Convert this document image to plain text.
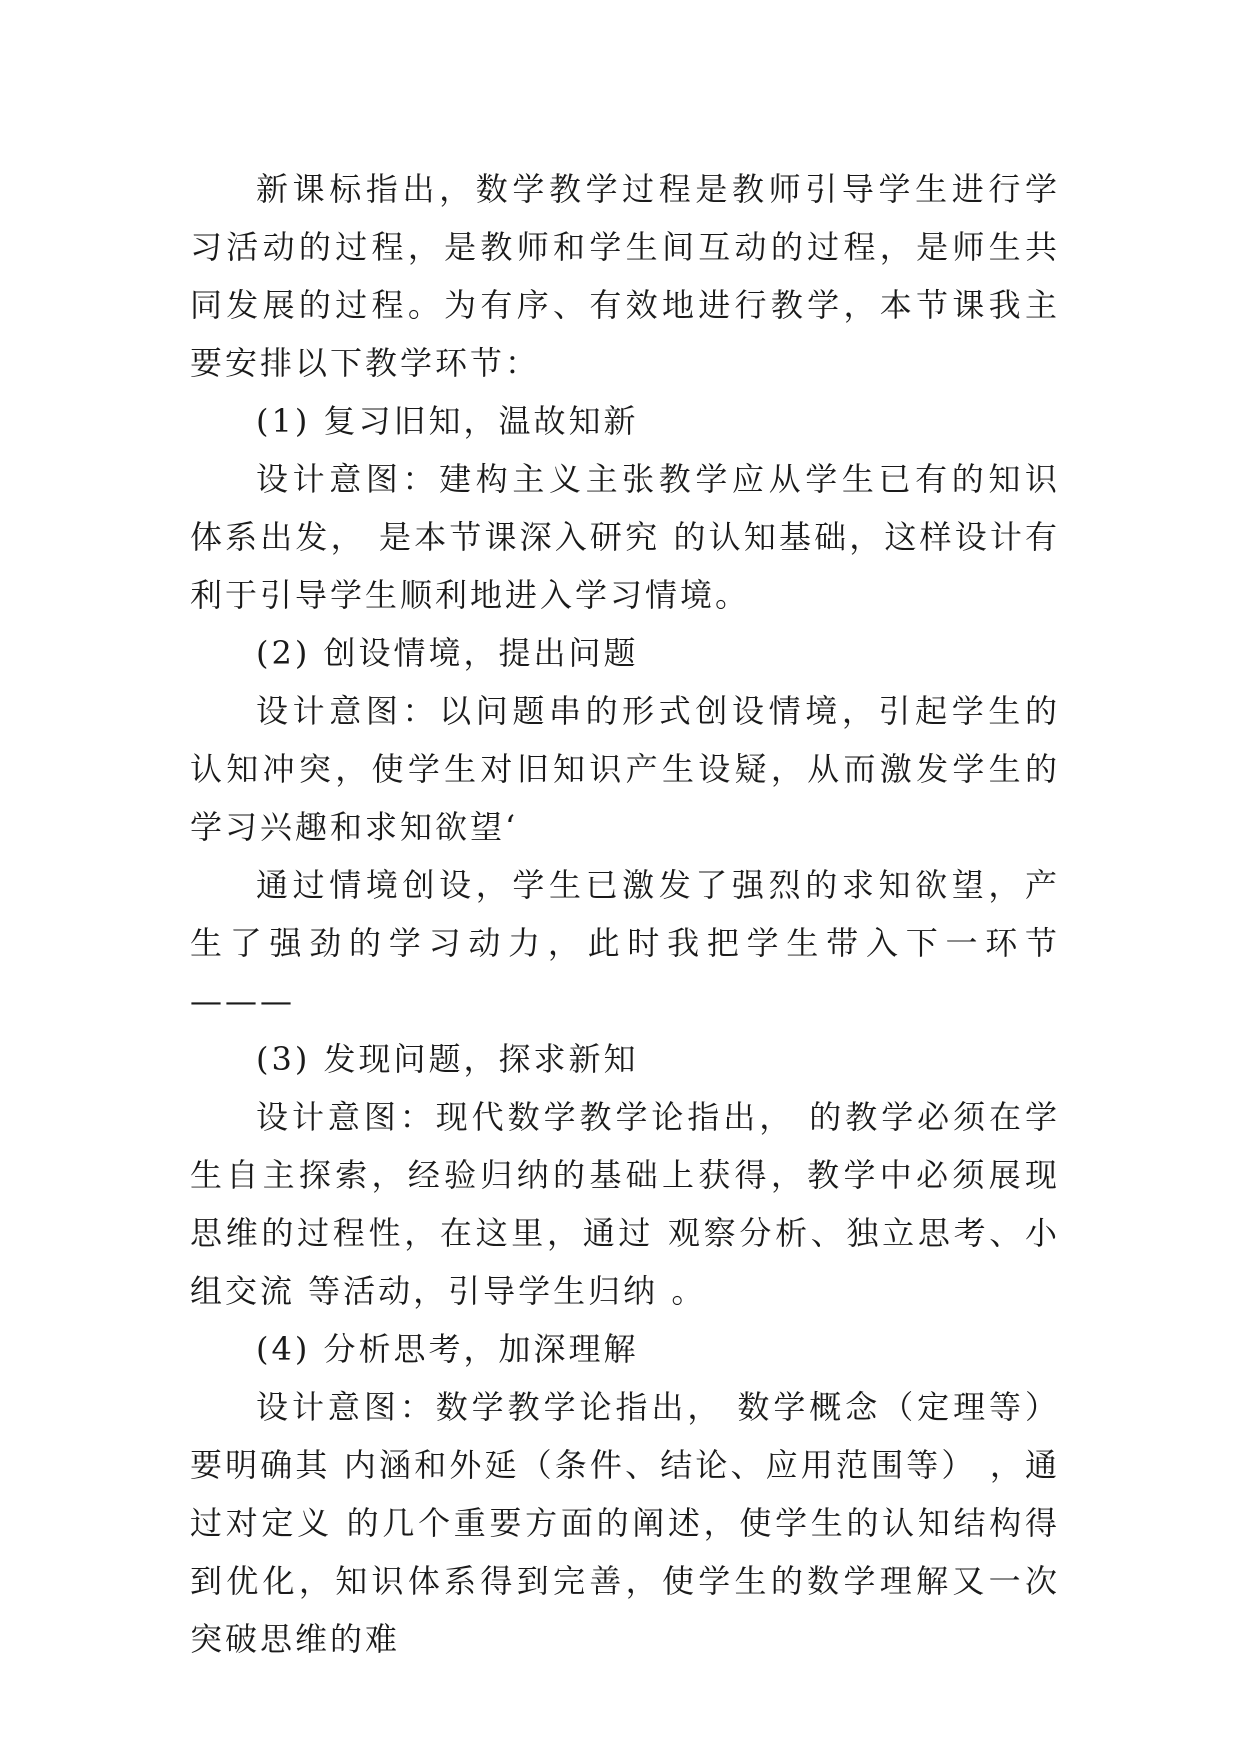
新课标指出，数学教学过程是教师引导学生进行学习活动的过程，是教师和学生间互动的过程，是师生共同发展的过程。为有序、有效地进行教学，本节课我主要安排以下教学环节：

(1) 复习旧知，温故知新

设计意图：建构主义主张教学应从学生已有的知识体系出发， 是本节课深入研究 的认知基础，这样设计有利于引导学生顺利地进入学习情境。

(2) 创设情境，提出问题

设计意图：以问题串的形式创设情境，引起学生的认知冲突，使学生对旧知识产生设疑，从而激发学生的学习兴趣和求知欲望‘

通过情境创设，学生已激发了强烈的求知欲望，产生了强劲的学习动力，此时我把学生带入下一环节———

(3) 发现问题，探求新知

设计意图：现代数学教学论指出， 的教学必须在学生自主探索，经验归纳的基础上获得，教学中必须展现思维的过程性，在这里，通过 观察分析、独立思考、小组交流 等活动，引导学生归纳 。

(4) 分析思考，加深理解

设计意图：数学教学论指出， 数学概念（定理等） 要明确其 内涵和外延（条件、结论、应用范围等） ，通过对定义 的几个重要方面的阐述，使学生的认知结构得到优化，知识体系得到完善，使学生的数学理解又一次突破思维的难
